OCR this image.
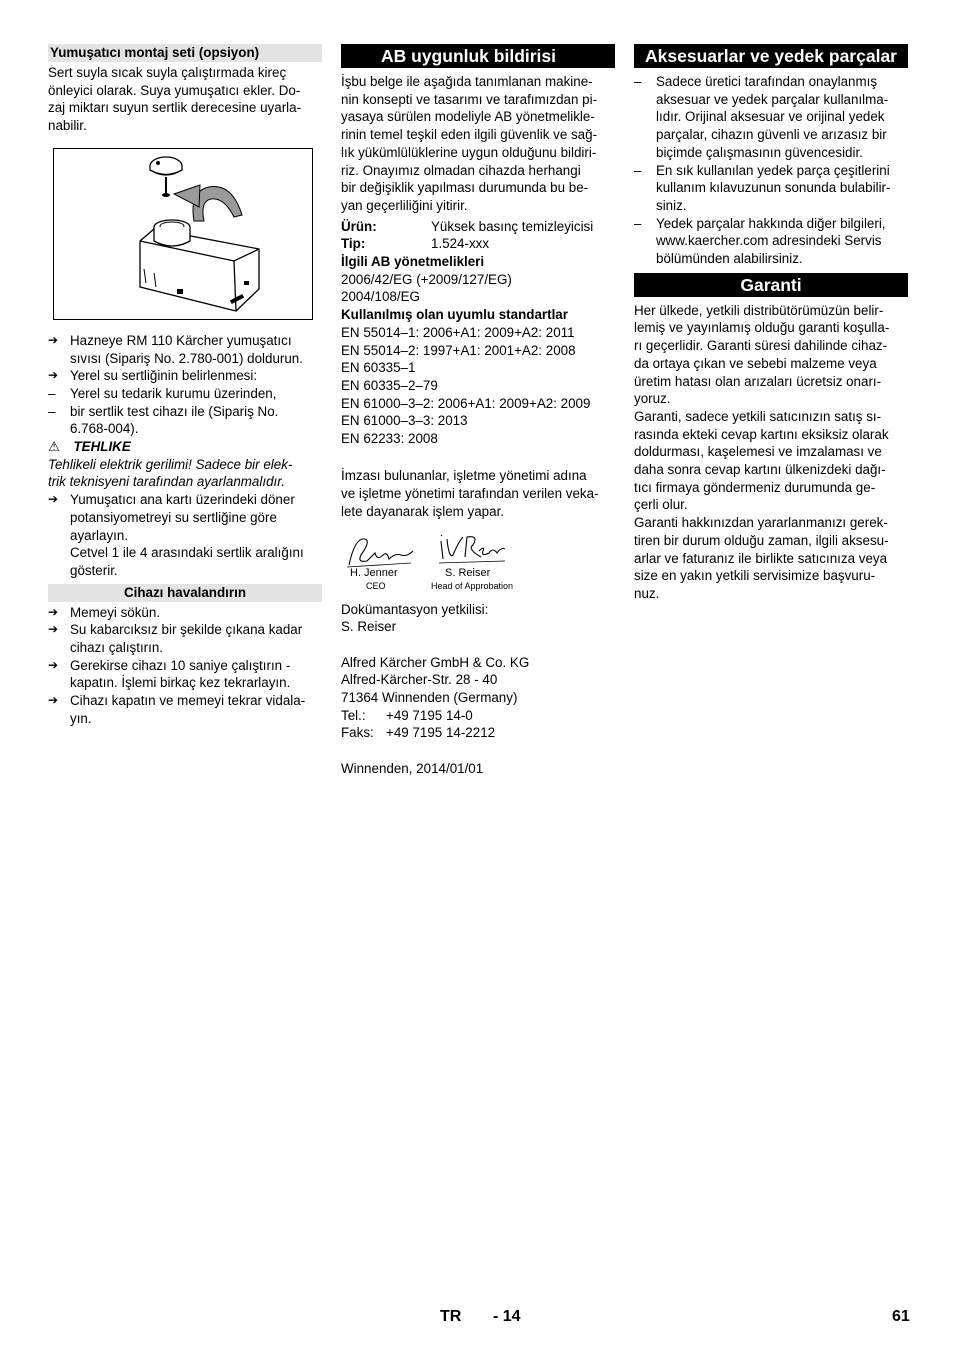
Yumuşatıcı montaj seti (opsiyon)

Sert suyla sıcak suyla çalıştırmada kireç

önleyici olarak. Suya yumuşatıcı ekler. Do-

zaj miktarı suyun sertlik derecesine uyarla-

nabilir.

➔ Hazneye RM 110 Kärcher yumuşatıcı

sıvısı (Sipariş No. 2.780-001) doldurun.

➔ Yerel su sertliğinin belirlenmesi:

– Yerel su tedarik kurumu üzerinden,

– bir sertlik test cihazı ile (Sipariş No.

6.768-004).

⚠ TEHLIKE

Tehlikeli elektrik gerilimi! Sadece bir elek-

trik teknisyeni tarafından ayarlanmalıdır.

➔ Yumuşatıcı ana kartı üzerindeki döner

potansiyometreyi su sertliğine göre

ayarlayın.

Cetvel 1 ile 4 arasındaki sertlik aralığını

gösterir.

Cihazı havalandırın
➔ Memeyi sökün.

➔ Su kabarcıksız bir şekilde çıkana kadar

cihazı çalıştırın.

➔ Gerekirse cihazı 10 saniye çalıştırın -

kapatın. İşlemi birkaç kez tekrarlayın.

➔ Cihazı kapatın ve memeyi tekrar vidala-

yın.

AB uygunluk bildirisi

İşbu belge ile aşağıda tanımlanan makine-

nin konsepti ve tasarımı ve tarafımızdan pi-

yasaya sürülen modeliyle AB yönetmelikle-

rinin temel teşkil eden ilgili güvenlik ve sağ-

lık yükümlülüklerine uygun olduğunu bildiri-

riz. Onayımız olmadan cihazda herhangi

bir değişiklik yapılması durumunda bu be-

yan geçerliliğini yitirir.

Ürün:	Yüksek basınç temizleyicisi
Tip:	1.524-xxx

İlgili AB yönetmelikleri

2006/42/EG (+2009/127/EG)

2004/108/EG

Kullanılmış olan uyumlu standartlar

EN 55014–1: 2006+A1: 2009+A2: 2011

EN 55014–2: 1997+A1: 2001+A2: 2008

EN 60335–1

EN 60335–2–79

EN 61000–3–2: 2006+A1: 2009+A2: 2009

EN 61000–3–3: 2013

EN 62233: 2008

İmzası bulunanlar, işletme yönetimi adına

ve işletme yönetimi tarafından verilen veka-

lete dayanarak işlem yapar.

H. Jenner
CEO
S. Reiser
Head of Approbation

Dokümantasyon yetkilisi:

S. Reiser

Alfred Kärcher GmbH & Co. KG

Alfred-Kärcher-Str. 28 - 40

71364 Winnenden (Germany)

Tel.: +49 7195 14-0

Faks: +49 7195 14-2212

Winnenden, 2014/01/01

Aksesuarlar ve yedek parçalar
– Sadece üretici tarafından onaylanmış

aksesuar ve yedek parçalar kullanılma-

lıdır. Orijinal aksesuar ve orijinal yedek

parçalar, cihazın güvenli ve arızasız bir

biçimde çalışmasının güvencesidir.

– En sık kullanılan yedek parça çeşitlerini

kullanım kılavuzunun sonunda bulabilir-

siniz.

– Yedek parçalar hakkında diğer bilgileri,

www.kaercher.com adresindeki Servis

bölümünden alabilirsiniz.

Garanti

Her ülkede, yetkili distribütörümüzün belir-

lemiş ve yayınlamış olduğu garanti koşulla-

rı geçerlidir. Garanti süresi dahilinde cihaz-

da ortaya çıkan ve sebebi malzeme veya

üretim hatası olan arızaları ücretsiz onarı-

yoruz.

Garanti, sadece yetkili satıcınızın satış sı-

rasında ekteki cevap kartını eksiksiz olarak

doldurması, kaşelemesi ve imzalaması ve

daha sonra cevap kartını ülkenizdeki dağı-

tıcı firmaya göndermeniz durumunda ge-

çerli olur.

Garanti hakkınızdan yararlanmanızı gerek-

tiren bir durum olduğu zaman, ilgili aksesu-

arlar ve faturanız ile birlikte satıcınıza veya

size en yakın yetkili servisimize başvuru-

nuz.

TR - 14	61
